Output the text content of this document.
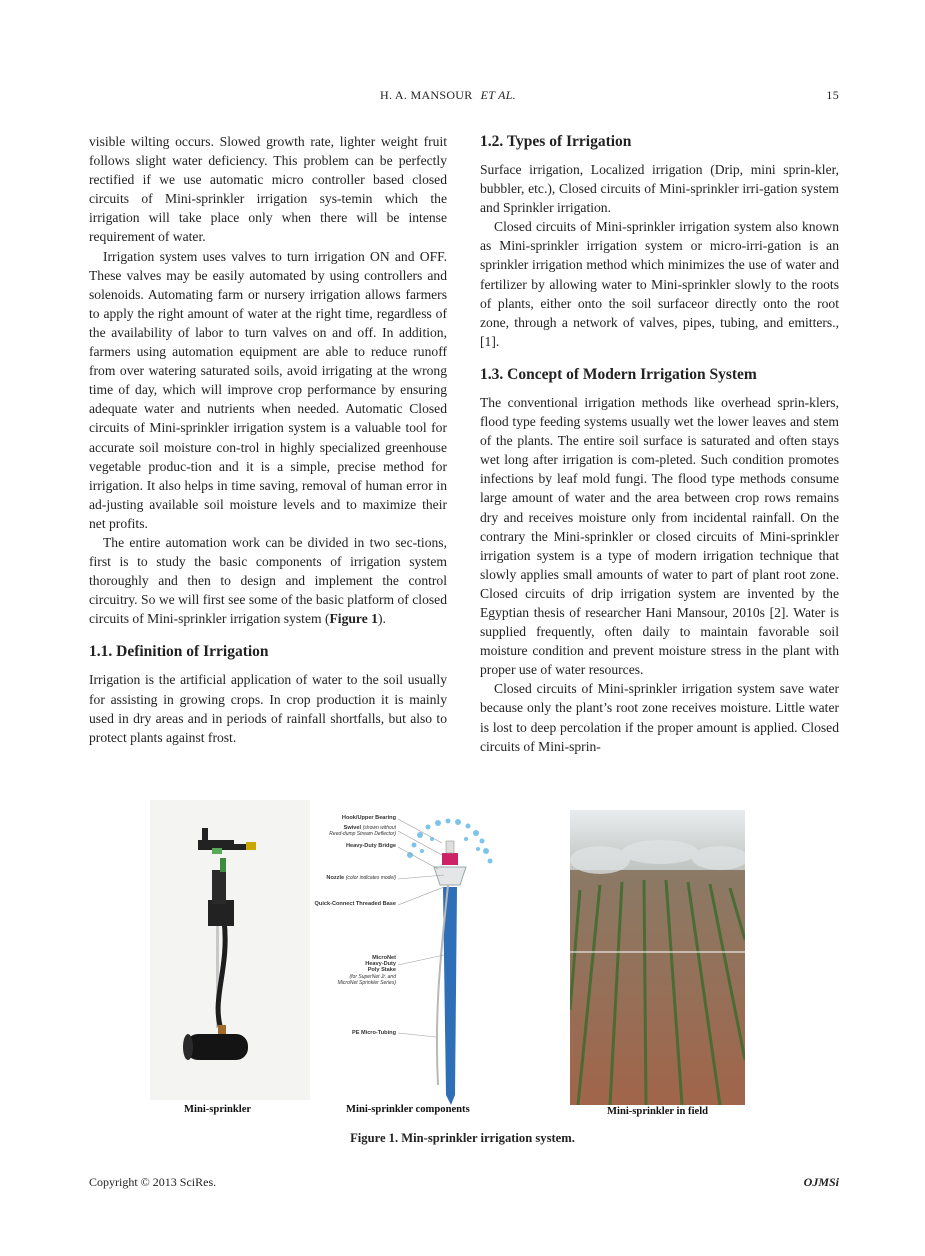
H. A. MANSOUR ET AL.	15

visible wilting occurs. Slowed growth rate, lighter weight fruit follows slight water deficiency. This problem can be perfectly rectified if we use automatic micro controller based closed circuits of Mini-sprinkler irrigation sys-temin which the irrigation will take place only when there will be intense requirement of water.

Irrigation system uses valves to turn irrigation ON and OFF. These valves may be easily automated by using controllers and solenoids. Automating farm or nursery irrigation allows farmers to apply the right amount of water at the right time, regardless of the availability of labor to turn valves on and off. In addition, farmers using automation equipment are able to reduce runoff from over watering saturated soils, avoid irrigating at the wrong time of day, which will improve crop performance by ensuring adequate water and nutrients when needed. Automatic Closed circuits of Mini-sprinkler irrigation system is a valuable tool for accurate soil moisture con-trol in highly specialized greenhouse vegetable produc-tion and it is a simple, precise method for irrigation. It also helps in time saving, removal of human error in ad-justing available soil moisture levels and to maximize their net profits.

The entire automation work can be divided in two sec-tions, first is to study the basic components of irrigation system thoroughly and then to design and implement the control circuitry. So we will first see some of the basic platform of closed circuits of Mini-sprinkler irrigation system (Figure 1).

1.1. Definition of Irrigation

Irrigation is the artificial application of water to the soil usually for assisting in growing crops. In crop production it is mainly used in dry areas and in periods of rainfall shortfalls, but also to protect plants against frost.

1.2. Types of Irrigation

Surface irrigation, Localized irrigation (Drip, mini sprin-kler, bubbler, etc.), Closed circuits of Mini-sprinkler irri-gation system and Sprinkler irrigation.

Closed circuits of Mini-sprinkler irrigation system also known as Mini-sprinkler irrigation system or micro-irri-gation is an sprinkler irrigation method which minimizes the use of water and fertilizer by allowing water to Mini-sprinkler slowly to the roots of plants, either onto the soil surfaceor directly onto the root zone, through a network of valves, pipes, tubing, and emitters., [1].

1.3. Concept of Modern Irrigation System

The conventional irrigation methods like overhead sprin-klers, flood type feeding systems usually wet the lower leaves and stem of the plants. The entire soil surface is saturated and often stays wet long after irrigation is com-pleted. Such condition promotes infections by leaf mold fungi. The flood type methods consume large amount of water and the area between crop rows remains dry and receives moisture only from incidental rainfall. On the contrary the Mini-sprinkler or closed circuits of Mini-sprinkler irrigation system is a type of modern irrigation technique that slowly applies small amounts of water to part of plant root zone. Closed circuits of drip irrigation system are invented by the Egyptian thesis of researcher Hani Mansour, 2010s [2]. Water is supplied frequently, often daily to maintain favorable soil moisture condition and prevent moisture stress in the plant with proper use of water resources.

Closed circuits of Mini-sprinkler irrigation system save water because only the plant’s root zone receives moisture. Little water is lost to deep percolation if the proper amount is applied. Closed circuits of Mini-sprin-

Hook/Upper Bearing
Swivel (shown without
Reed-dump Stream Deflector)
Heavy-Duty Bridge
Nozzle (color indicates model)
Quick-Connect Threaded Base
MicroNet
Heavy-Duty
Poly Stake
(for SuperNet Jr. and
MicroNet Sprinkler Series)
PE Micro-Tubing
Mini-sprinkler	Mini-sprinkler components	Mini-sprinkler in field
Figure 1. Min-sprinkler irrigation system.
Copyright © 2013 SciRes.	OJMSi
